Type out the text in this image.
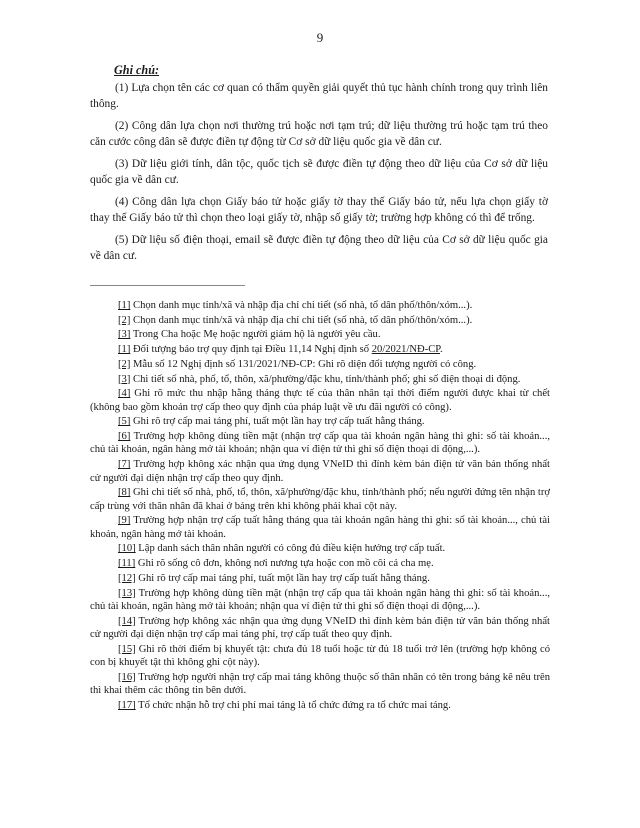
9

Ghi chú:

(1) Lựa chọn tên các cơ quan có thẩm quyền giải quyết thủ tục hành chính trong quy trình liên thông.

(2) Công dân lựa chọn nơi thường trú hoặc nơi tạm trú; dữ liệu thường trú hoặc tạm trú theo căn cước công dân sẽ được điền tự động từ Cơ sở dữ liệu quốc gia về dân cư.

(3) Dữ liệu giới tính, dân tộc, quốc tịch sẽ được điền tự động theo dữ liệu của Cơ sở dữ liệu quốc gia về dân cư.

(4) Công dân lựa chọn Giấy báo tử hoặc giấy tờ thay thế Giấy báo tử, nếu lựa chọn giấy tờ thay thế Giấy báo tử thì chọn theo loại giấy tờ, nhập số giấy tờ; trường hợp không có thì để trống.

(5) Dữ liệu số điện thoại, email sẽ được điền tự động theo dữ liệu của Cơ sở dữ liệu quốc gia về dân cư.

[1] Chọn danh mục tỉnh/xã và nhập địa chỉ chi tiết (số nhà, tổ dân phố/thôn/xóm...).

[2] Chọn danh mục tỉnh/xã và nhập địa chỉ chi tiết (số nhà, tổ dân phố/thôn/xóm...).

[3] Trong Cha hoặc Mẹ hoặc người giám hộ là người yêu cầu.

[1] Đối tượng bảo trợ quy định tại Điều 11,14 Nghị định số 20/2021/NĐ-CP.

[2] Mẫu số 12 Nghị định số 131/2021/NĐ-CP: Ghi rõ diện đối tượng người có công.

[3] Chi tiết số nhà, phố, tổ, thôn, xã/phường/đặc khu, tỉnh/thành phố; ghi số điện thoại di động.

[4] Ghi rõ mức thu nhập hằng tháng thực tế của thân nhân tại thời điểm người được khai từ chết (không bao gồm khoản trợ cấp theo quy định của pháp luật về ưu đãi người có công).

[5] Ghi rõ trợ cấp mai táng phí, tuất một lần hay trợ cấp tuất hằng tháng.

[6] Trường hợp không dùng tiền mặt (nhận trợ cấp qua tài khoản ngân hàng thì ghi: số tài khoản..., chủ tài khoản, ngân hàng mở tài khoản; nhận qua ví điện tử thì ghi số điện thoại di động,...).

[7] Trường hợp không xác nhận qua ứng dụng VNeID thì đính kèm bản điện tử văn bản thống nhất cử người đại diện nhận trợ cấp theo quy định.

[8] Ghi chi tiết số nhà, phố, tổ, thôn, xã/phường/đặc khu, tỉnh/thành phố; nếu người đứng tên nhận trợ cấp trùng với thân nhân đã khai ở bảng trên khi không phải khai cột này.

[9] Trường hợp nhận trợ cấp tuất hằng tháng qua tài khoản ngân hàng thì ghi: số tài khoản..., chủ tài khoản, ngân hàng mở tài khoản.

[10] Lập danh sách thân nhân người có công đủ điều kiện hưởng trợ cấp tuất.

[11] Ghi rõ sống cô đơn, không nơi nương tựa hoặc con mồ côi cả cha mẹ.

[12] Ghi rõ trợ cấp mai táng phí, tuất một lần hay trợ cấp tuất hằng tháng.

[13] Trường hợp không dùng tiền mặt (nhận trợ cấp qua tài khoản ngân hàng thì ghi: số tài khoản..., chủ tài khoản, ngân hàng mở tài khoản; nhận qua ví điện tử thì ghi số điện thoại di động,...).

[14] Trường hợp không xác nhận qua ứng dụng VNeID thì đính kèm bản điện tử văn bản thống nhất cử người đại diện nhận trợ cấp mai táng phí, trợ cấp tuất theo quy định.

[15] Ghi rõ thời điểm bị khuyết tật: chưa đủ 18 tuổi hoặc từ đủ 18 tuổi trở lên (trường hợp không có con bị khuyết tật thì không ghi cột này).

[16] Trường hợp người nhận trợ cấp mai táng không thuộc số thân nhân có tên trong bảng kê nêu trên thì khai thêm các thông tin bên dưới.

[17] Tổ chức nhận hỗ trợ chi phí mai táng là tổ chức đứng ra tổ chức mai táng.
